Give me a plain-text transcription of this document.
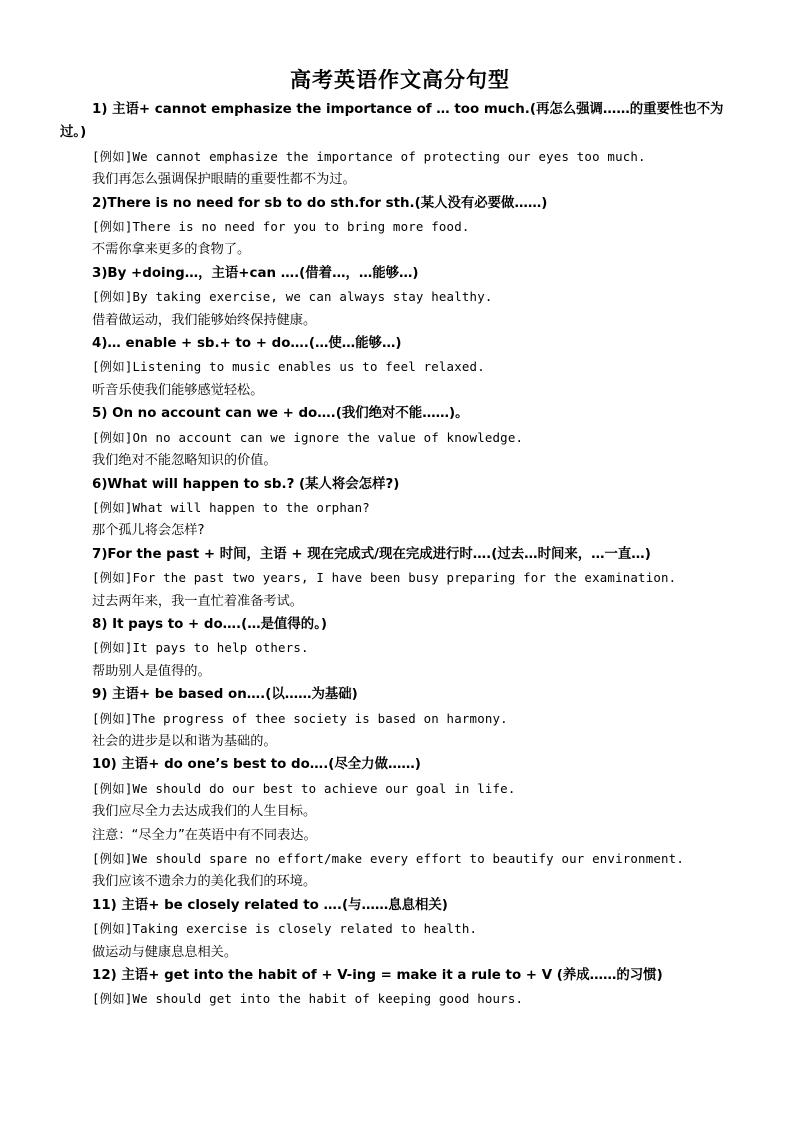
高考英语作文高分句型
1) 主语+ cannot emphasize the importance of … too much.(再怎么强调……的重要性也不为过。)
[例如]We cannot emphasize the importance of protecting our eyes too much.
我们再怎么强调保护眼睛的重要性都不为过。
2)There is no need for sb to do sth.for sth.(某人没有必要做……)
[例如]There is no need for you to bring more food.
不需你拿来更多的食物了。
3)By +doing…，主语+can ….(借着…，…能够…)
[例如]By taking exercise, we can always stay healthy.
借着做运动，我们能够始终保持健康。
4)… enable + sb.+ to + do….(…使…能够…)
[例如]Listening to music enables us to feel relaxed.
听音乐使我们能够感觉轻松。
5) On no account can we + do….(我们绝对不能……)。
[例如]On no account can we ignore the value of knowledge.
我们绝对不能忽略知识的价值。
6)What will happen to sb.? (某人将会怎样?)
[例如]What will happen to the orphan?
那个孤儿将会怎样?
7)For the past + 时间，主语 + 现在完成式/现在完成进行时….(过去…时间来，…一直…)
[例如]For the past two years, I have been busy preparing for the examination.
过去两年来，我一直忙着准备考试。
8) It pays to + do….(…是值得的。)
[例如]It pays to help others.
帮助别人是值得的。
9) 主语+ be based on….(以……为基础)
[例如]The progress of thee society is based on harmony.
社会的进步是以和谐为基础的。
10) 主语+ do one’s best to do….(尽全力做……)
[例如]We should do our best to achieve our goal in life.
我们应尽全力去达成我们的人生目标。
注意：“尽全力”在英语中有不同表达。
[例如]We should spare no effort/make every effort to beautify our environment.
我们应该不遗余力的美化我们的环境。
11) 主语+ be closely related to ….(与……息息相关)
[例如]Taking exercise is closely related to health.
做运动与健康息息相关。
12) 主语+ get into the habit of + V-ing = make it a rule to + V (养成……的习惯)
[例如]We should get into the habit of keeping good hours.
